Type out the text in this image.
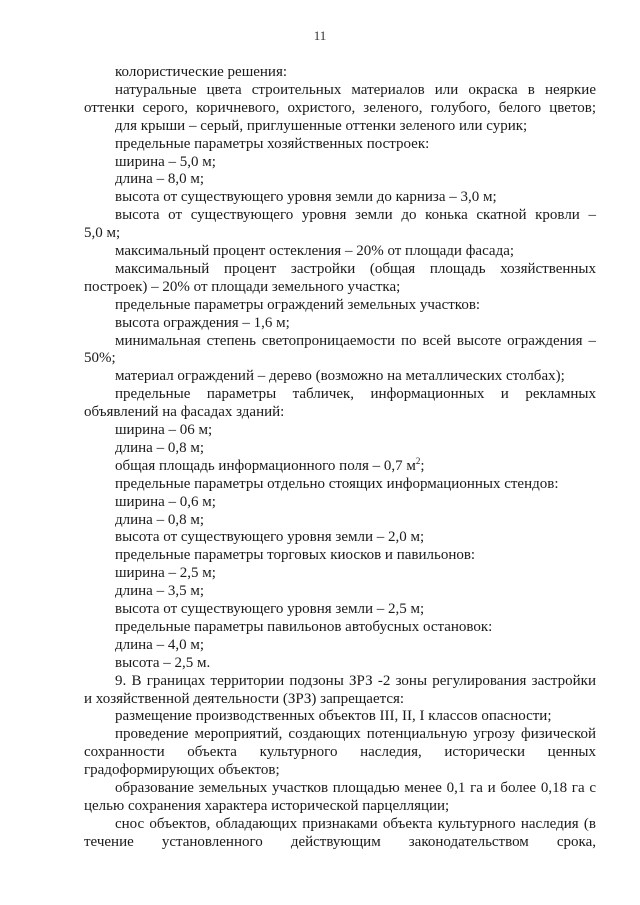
11
колористические решения:
натуральные цвета строительных материалов или окраска в неяркие
оттенки серого, коричневого, охристого, зеленого, голубого, белого цветов;
для крыши – серый, приглушенные оттенки зеленого или сурик;
предельные параметры хозяйственных построек:
ширина – 5,0 м;
длина – 8,0 м;
высота от существующего уровня земли до карниза – 3,0 м;
высота от существующего уровня земли до конька скатной кровли –
5,0 м;
максимальный процент остекления – 20% от площади фасада;
максимальный процент застройки (общая площадь хозяйственных
построек) – 20% от площади земельного участка;
предельные параметры ограждений земельных участков:
высота ограждения – 1,6 м;
минимальная степень светопроницаемости по всей высоте ограждения –
50%;
материал ограждений – дерево (возможно на металлических столбах);
предельные параметры табличек, информационных и рекламных
объявлений на фасадах зданий:
ширина – 06 м;
длина – 0,8 м;
общая площадь информационного поля – 0,7 $м^2$;
предельные параметры отдельно стоящих информационных стендов:
ширина – 0,6 м;
длина – 0,8 м;
высота от существующего уровня земли – 2,0 м;
предельные параметры торговых киосков и павильонов:
ширина – 2,5 м;
длина – 3,5 м;
высота от существующего уровня земли – 2,5 м;
предельные параметры павильонов автобусных остановок:
длина – 4,0 м;
высота – 2,5 м.
9. В границах территории подзоны ЗРЗ -2 зоны регулирования застройки
и хозяйственной деятельности (ЗРЗ) запрещается:
размещение производственных объектов III, II, I классов опасности;
проведение мероприятий, создающих потенциальную угрозу физической
сохранности объекта культурного наследия, исторически ценных
градоформирующих объектов;
образование земельных участков площадью менее 0,1 га и более 0,18 га с
целью сохранения характера исторической парцелляции;
снос объектов, обладающих признаками объекта культурного наследия (в
течение установленного действующим законодательством срока,
